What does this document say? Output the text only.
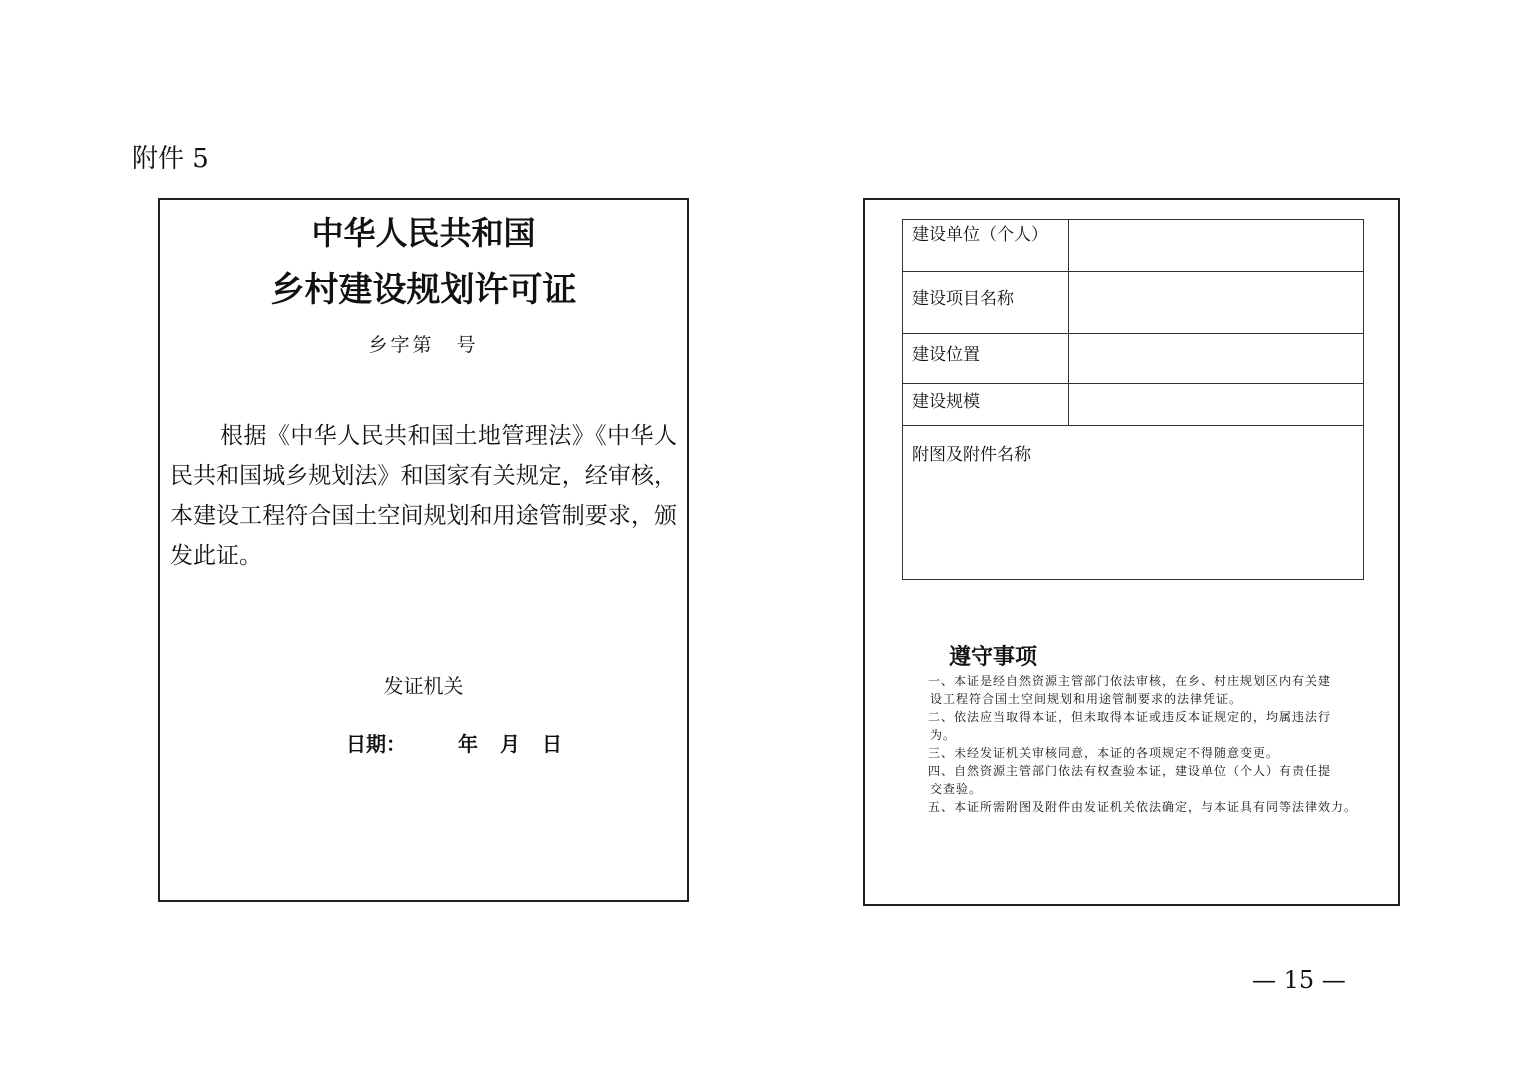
附件 5
中华人民共和国
乡村建设规划许可证
乡字第 号
根据《中华人民共和国土地管理法》《中华人民共和国城乡规划法》和国家有关规定，经审核，本建设工程符合国土空间规划和用途管制要求，颁发此证。
发证机关
日期：	年 月 日
建设单位（个人）	
建设项目名称	
建设位置	
建设规模	
附图及附件名称	
遵守事项

　　一、本证是经自然资源主管部门依法审核，在乡、村庄规划区内有关建

设工程符合国土空间规划和用途管制要求的法律凭证。

　　二、依法应当取得本证，但未取得本证或违反本证规定的，均属违法行

为。

　　三、未经发证机关审核同意，本证的各项规定不得随意变更。

　　四、自然资源主管部门依法有权查验本证，建设单位（个人）有责任提

交查验。

　　五、本证所需附图及附件由发证机关依法确定，与本证具有同等法律效力。

— 15 —
